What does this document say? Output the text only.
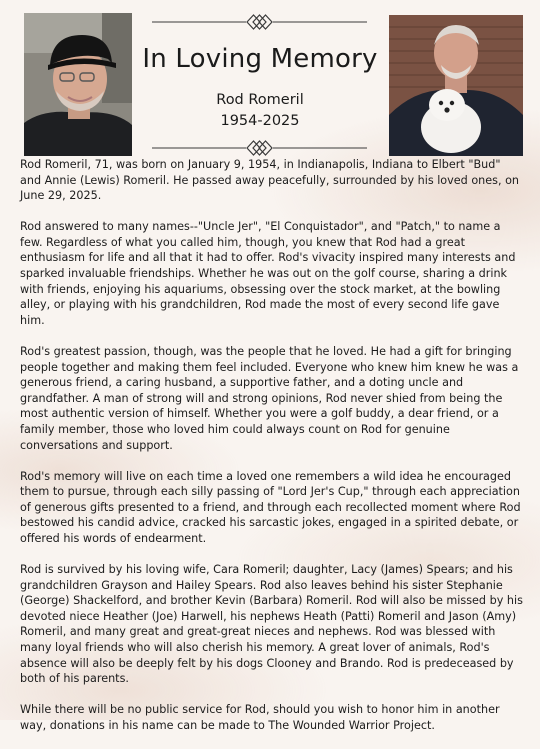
In Loving Memory
Rod Romeril
1954-2025

Rod Romeril, 71, was born on January 9, 1954, in Indianapolis, Indiana to Elbert "Bud" and Annie (Lewis) Romeril. He passed away peacefully, surrounded by his loved ones, on June 29, 2025.

Rod answered to many names--"Uncle Jer", "El Conquistador", and "Patch," to name a few. Regardless of what you called him, though, you knew that Rod had a great enthusiasm for life and all that it had to offer. Rod's vivacity inspired many interests and sparked invaluable friendships. Whether he was out on the golf course, sharing a drink with friends, enjoying his aquariums, obsessing over the stock market, at the bowling alley, or playing with his grandchildren, Rod made the most of every second life gave him.

Rod's greatest passion, though, was the people that he loved. He had a gift for bringing people together and making them feel included. Everyone who knew him knew he was a generous friend, a caring husband, a supportive father, and a doting uncle and grandfather. A man of strong will and strong opinions, Rod never shied from being the most authentic version of himself. Whether you were a golf buddy, a dear friend, or a family member, those who loved him could always count on Rod for genuine conversations and support.

Rod's memory will live on each time a loved one remembers a wild idea he encouraged them to pursue, through each silly passing of "Lord Jer's Cup," through each appreciation of generous gifts presented to a friend, and through each recollected moment where Rod bestowed his candid advice, cracked his sarcastic jokes, engaged in a spirited debate, or offered his words of endearment.

Rod is survived by his loving wife, Cara Romeril; daughter, Lacy (James) Spears; and his grandchildren Grayson and Hailey Spears. Rod also leaves behind his sister Stephanie (George) Shackelford, and brother Kevin (Barbara) Romeril. Rod will also be missed by his devoted niece Heather (Joe) Harwell, his nephews Heath (Patti) Romeril and Jason (Amy) Romeril, and many great and great-great nieces and nephews. Rod was blessed with many loyal friends who will also cherish his memory. A great lover of animals, Rod's absence will also be deeply felt by his dogs Clooney and Brando. Rod is predeceased by both of his parents.

While there will be no public service for Rod, should you wish to honor him in another way, donations in his name can be made to The Wounded Warrior Project.
